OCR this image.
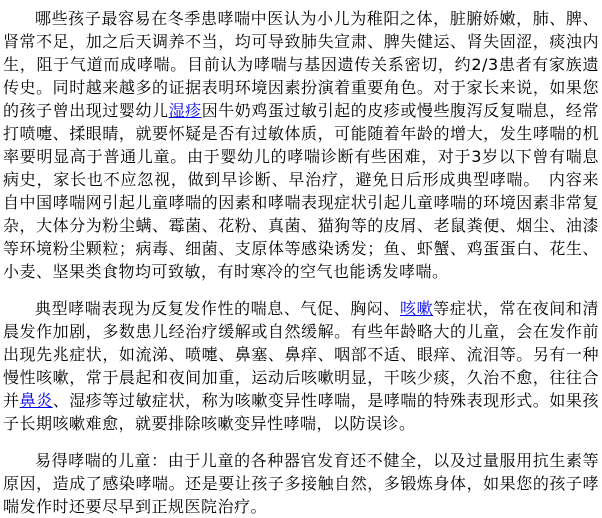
哪些孩子最容易在冬季患哮喘中医认为小儿为稚阳之体，脏腑娇嫩，肺、脾、肾常不足，加之后天调养不当，均可导致肺失宣肃、脾失健运、肾失固涩，痰浊内生，阻于气道而成哮喘。目前认为哮喘与基因遗传关系密切，约2/3患者有家族遗传史。同时越来越多的证据表明环境因素扮演着重要角色。对于家长来说，如果您的孩子曾出现过婴幼儿湿疹因牛奶鸡蛋过敏引起的皮疹或慢些腹泻反复喘息，经常打喷嚏、揉眼睛，就要怀疑是否有过敏体质，可能随着年龄的增大，发生哮喘的机率要明显高于普通儿童。由于婴幼儿的哮喘诊断有些困难，对于3岁以下曾有喘息病史，家长也不应忽视，做到早诊断、早治疗，避免日后形成典型哮喘。　内容来自中国哮喘网引起儿童哮喘的因素和哮喘表现症状引起儿童哮喘的环境因素非常复杂，大体分为粉尘螨、霉菌、花粉、真菌、猫狗等的皮屑、老鼠粪便、烟尘、油漆等环境粉尘颗粒；病毒、细菌、支原体等感染诱发；鱼、虾蟹、鸡蛋蛋白、花生、小麦、坚果类食物均可致敏，有时寒冷的空气也能诱发哮喘。

典型哮喘表现为反复发作性的喘息、气促、胸闷、咳嗽等症状，常在夜间和清晨发作加剧，多数患儿经治疗缓解或自然缓解。有些年龄略大的儿童，会在发作前出现先兆症状，如流涕、喷嚏、鼻塞、鼻痒、咽部不适、眼痒、流泪等。另有一种慢性咳嗽，常于晨起和夜间加重，运动后咳嗽明显，干咳少痰，久治不愈，往往合并鼻炎、湿疹等过敏症状，称为咳嗽变异性哮喘，是哮喘的特殊表现形式。如果孩子长期咳嗽难愈，就要排除咳嗽变异性哮喘，以防误诊。

易得哮喘的儿童：由于儿童的各种器官发育还不健全，以及过量服用抗生素等原因，造成了感染哮喘。还是要让孩子多接触自然，多锻炼身体，如果您的孩子哮喘发作时还要尽早到正规医院治疗。
